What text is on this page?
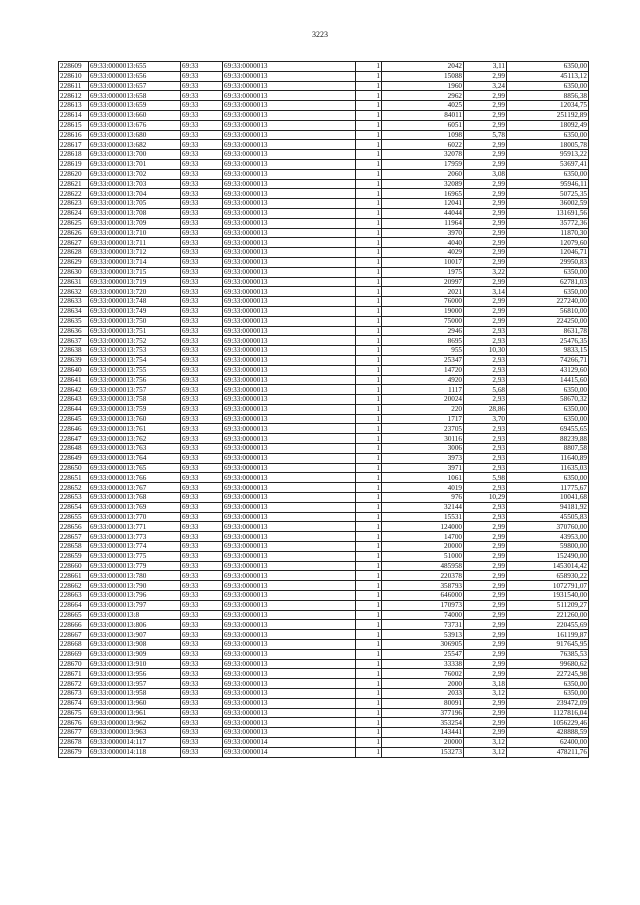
3223
228609	69:33:0000013:655	69:33	69:33:0000013	1	2042	3,11	6350,00
228610	69:33:0000013:656	69:33	69:33:0000013	1	15088	2,99	45113,12
228611	69:33:0000013:657	69:33	69:33:0000013	1	1960	3,24	6350,00
228612	69:33:0000013:658	69:33	69:33:0000013	1	2962	2,99	8856,38
228613	69:33:0000013:659	69:33	69:33:0000013	1	4025	2,99	12034,75
228614	69:33:0000013:660	69:33	69:33:0000013	1	84011	2,99	251192,89
228615	69:33:0000013:676	69:33	69:33:0000013	1	6051	2,99	18092,49
228616	69:33:0000013:680	69:33	69:33:0000013	1	1098	5,78	6350,00
228617	69:33:0000013:682	69:33	69:33:0000013	1	6022	2,99	18005,78
228618	69:33:0000013:700	69:33	69:33:0000013	1	32078	2,99	95913,22
228619	69:33:0000013:701	69:33	69:33:0000013	1	17959	2,99	53697,41
228620	69:33:0000013:702	69:33	69:33:0000013	1	2060	3,08	6350,00
228621	69:33:0000013:703	69:33	69:33:0000013	1	32089	2,99	95946,11
228622	69:33:0000013:704	69:33	69:33:0000013	1	16965	2,99	50725,35
228623	69:33:0000013:705	69:33	69:33:0000013	1	12041	2,99	36002,59
228624	69:33:0000013:708	69:33	69:33:0000013	1	44044	2,99	131691,56
228625	69:33:0000013:709	69:33	69:33:0000013	1	11964	2,99	35772,36
228626	69:33:0000013:710	69:33	69:33:0000013	1	3970	2,99	11870,30
228627	69:33:0000013:711	69:33	69:33:0000013	1	4040	2,99	12079,60
228628	69:33:0000013:712	69:33	69:33:0000013	1	4029	2,99	12046,71
228629	69:33:0000013:714	69:33	69:33:0000013	1	10017	2,99	29950,83
228630	69:33:0000013:715	69:33	69:33:0000013	1	1975	3,22	6350,00
228631	69:33:0000013:719	69:33	69:33:0000013	1	20997	2,99	62781,03
228632	69:33:0000013:720	69:33	69:33:0000013	1	2021	3,14	6350,00
228633	69:33:0000013:748	69:33	69:33:0000013	1	76000	2,99	227240,00
228634	69:33:0000013:749	69:33	69:33:0000013	1	19000	2,99	56810,00
228635	69:33:0000013:750	69:33	69:33:0000013	1	75000	2,99	224250,00
228636	69:33:0000013:751	69:33	69:33:0000013	1	2946	2,93	8631,78
228637	69:33:0000013:752	69:33	69:33:0000013	1	8695	2,93	25476,35
228638	69:33:0000013:753	69:33	69:33:0000013	1	955	10,30	9833,15
228639	69:33:0000013:754	69:33	69:33:0000013	1	25347	2,93	74266,71
228640	69:33:0000013:755	69:33	69:33:0000013	1	14720	2,93	43129,60
228641	69:33:0000013:756	69:33	69:33:0000013	1	4920	2,93	14415,60
228642	69:33:0000013:757	69:33	69:33:0000013	1	1117	5,68	6350,00
228643	69:33:0000013:758	69:33	69:33:0000013	1	20024	2,93	58670,32
228644	69:33:0000013:759	69:33	69:33:0000013	1	220	28,86	6350,00
228645	69:33:0000013:760	69:33	69:33:0000013	1	1717	3,70	6350,00
228646	69:33:0000013:761	69:33	69:33:0000013	1	23705	2,93	69455,65
228647	69:33:0000013:762	69:33	69:33:0000013	1	30116	2,93	88239,88
228648	69:33:0000013:763	69:33	69:33:0000013	1	3006	2,93	8807,58
228649	69:33:0000013:764	69:33	69:33:0000013	1	3973	2,93	11640,89
228650	69:33:0000013:765	69:33	69:33:0000013	1	3971	2,93	11635,03
228651	69:33:0000013:766	69:33	69:33:0000013	1	1061	5,98	6350,00
228652	69:33:0000013:767	69:33	69:33:0000013	1	4019	2,93	11775,67
228653	69:33:0000013:768	69:33	69:33:0000013	1	976	10,29	10041,68
228654	69:33:0000013:769	69:33	69:33:0000013	1	32144	2,93	94181,92
228655	69:33:0000013:770	69:33	69:33:0000013	1	15531	2,93	45505,83
228656	69:33:0000013:771	69:33	69:33:0000013	1	124000	2,99	370760,00
228657	69:33:0000013:773	69:33	69:33:0000013	1	14700	2,99	43953,00
228658	69:33:0000013:774	69:33	69:33:0000013	1	20000	2,99	59800,00
228659	69:33:0000013:775	69:33	69:33:0000013	1	51000	2,99	152490,00
228660	69:33:0000013:779	69:33	69:33:0000013	1	485958	2,99	1453014,42
228661	69:33:0000013:780	69:33	69:33:0000013	1	220378	2,99	658930,22
228662	69:33:0000013:790	69:33	69:33:0000013	1	358793	2,99	1072791,07
228663	69:33:0000013:796	69:33	69:33:0000013	1	646000	2,99	1931540,00
228664	69:33:0000013:797	69:33	69:33:0000013	1	170973	2,99	511209,27
228665	69:33:0000013:8	69:33	69:33:0000013	1	74000	2,99	221260,00
228666	69:33:0000013:806	69:33	69:33:0000013	1	73731	2,99	220455,69
228667	69:33:0000013:907	69:33	69:33:0000013	1	53913	2,99	161199,87
228668	69:33:0000013:908	69:33	69:33:0000013	1	306905	2,99	917645,95
228669	69:33:0000013:909	69:33	69:33:0000013	1	25547	2,99	76385,53
228670	69:33:0000013:910	69:33	69:33:0000013	1	33338	2,99	99680,62
228671	69:33:0000013:956	69:33	69:33:0000013	1	76002	2,99	227245,98
228672	69:33:0000013:957	69:33	69:33:0000013	1	2000	3,18	6350,00
228673	69:33:0000013:958	69:33	69:33:0000013	1	2033	3,12	6350,00
228674	69:33:0000013:960	69:33	69:33:0000013	1	80091	2,99	239472,09
228675	69:33:0000013:961	69:33	69:33:0000013	1	377196	2,99	1127816,04
228676	69:33:0000013:962	69:33	69:33:0000013	1	353254	2,99	1056229,46
228677	69:33:0000013:963	69:33	69:33:0000013	1	143441	2,99	428888,59
228678	69:33:0000014:117	69:33	69:33:0000014	1	20000	3,12	62400,00
228679	69:33:0000014:118	69:33	69:33:0000014	1	153273	3,12	478211,76
